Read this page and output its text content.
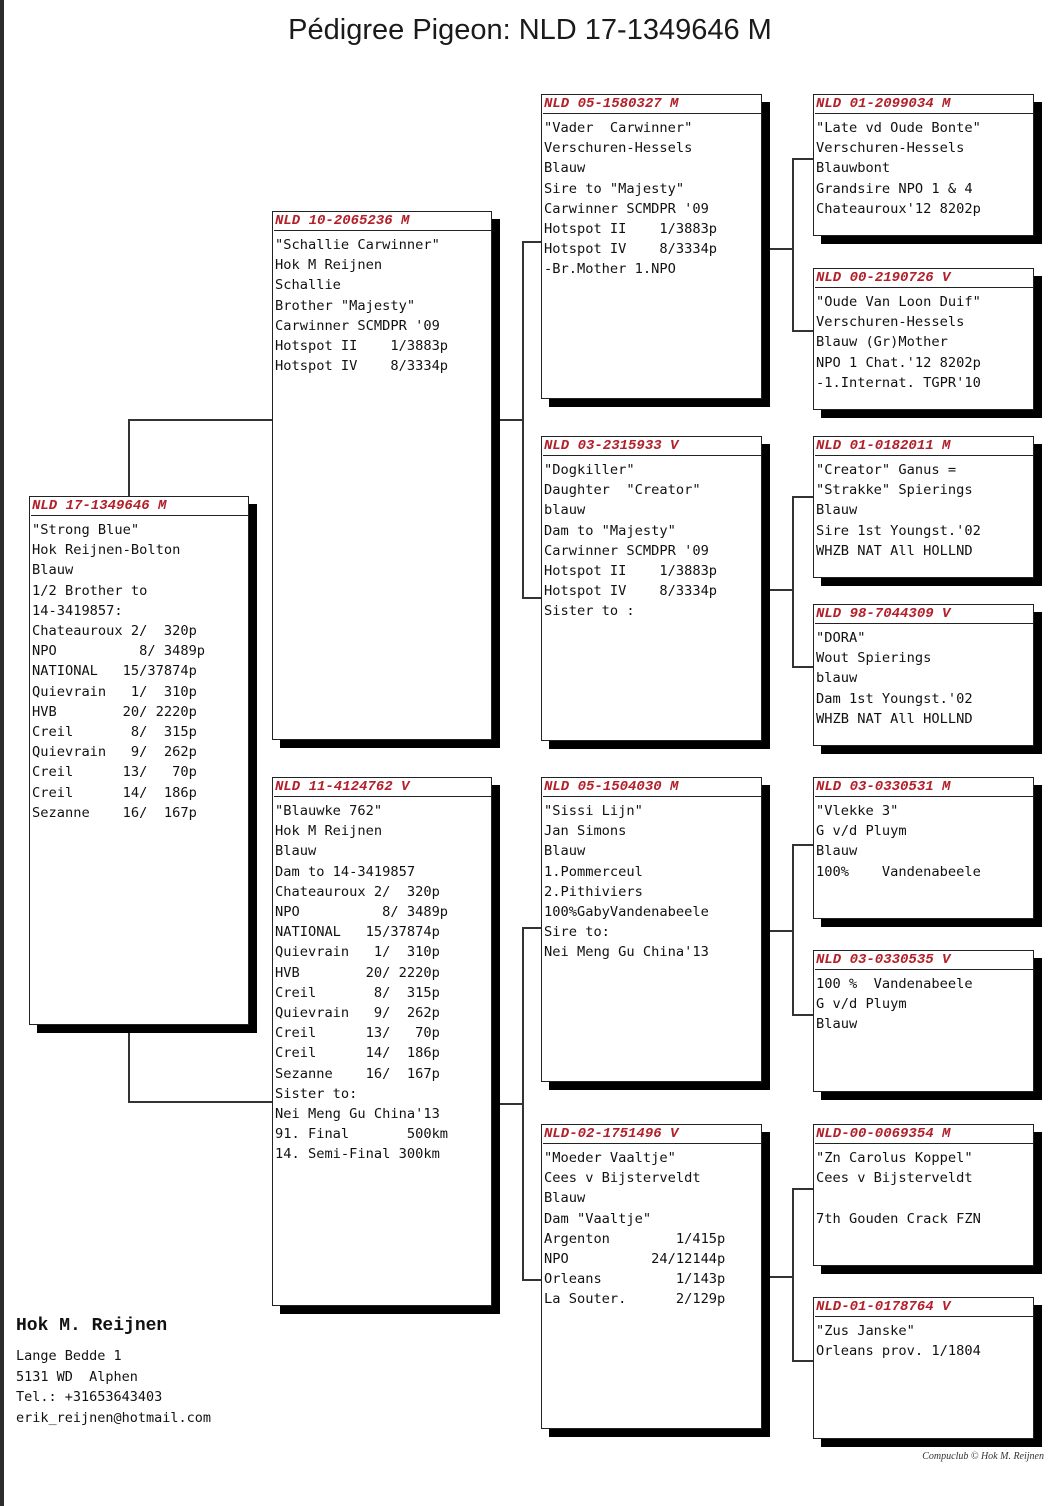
Pédigree Pigeon: NLD 17-1349646 M
NLD 17-1349646 M
"Strong Blue"
Hok Reijnen-Bolton
Blauw
1/2 Brother to
14-3419857:
Chateauroux 2/  320p
NPO          8/ 3489p
NATIONAL   15/37874p
Quievrain   1/  310p
HVB        20/ 2220p
Creil       8/  315p
Quievrain   9/  262p
Creil      13/   70p
Creil      14/  186p
Sezanne    16/  167p
NLD 10-2065236 M
"Schallie Carwinner"
Hok M Reijnen
Schallie
Brother "Majesty"
Carwinner SCMDPR '09
Hotspot II    1/3883p
Hotspot IV    8/3334p
NLD 11-4124762 V
"Blauwke 762"
Hok M Reijnen
Blauw
Dam to 14-3419857
Chateauroux 2/  320p
NPO          8/ 3489p
NATIONAL   15/37874p
Quievrain   1/  310p
HVB        20/ 2220p
Creil       8/  315p
Quievrain   9/  262p
Creil      13/   70p
Creil      14/  186p
Sezanne    16/  167p
Sister to:
Nei Meng Gu China'13
91. Final       500km
14. Semi-Final 300km
NLD 05-1580327 M
"Vader  Carwinner"
Verschuren-Hessels
Blauw
Sire to "Majesty"
Carwinner SCMDPR '09
Hotspot II    1/3883p
Hotspot IV    8/3334p
-Br.Mother 1.NPO
NLD 03-2315933 V
"Dogkiller"
Daughter  "Creator"
blauw
Dam to "Majesty"
Carwinner SCMDPR '09
Hotspot II    1/3883p
Hotspot IV    8/3334p
Sister to :
NLD 05-1504030 M
"Sissi Lijn"
Jan Simons
Blauw
1.Pommerceul
2.Pithiviers
100%GabyVandenabeele
Sire to:
Nei Meng Gu China'13
NLD-02-1751496 V
"Moeder Vaaltje"
Cees v Bijsterveldt
Blauw
Dam "Vaaltje"
Argenton        1/415p
NPO          24/12144p
Orleans         1/143p
La Souter.      2/129p
NLD 01-2099034 M
"Late vd Oude Bonte"
Verschuren-Hessels
Blauwbont
Grandsire NPO 1 & 4
Chateauroux'12 8202p
NLD 00-2190726 V
"Oude Van Loon Duif"
Verschuren-Hessels
Blauw (Gr)Mother
NPO 1 Chat.'12 8202p
-1.Internat. TGPR'10
NLD 01-0182011 M
"Creator" Ganus =
"Strakke" Spierings
Blauw
Sire 1st Youngst.'02
WHZB NAT All HOLLND
NLD 98-7044309 V
"DORA"
Wout Spierings
blauw
Dam 1st Youngst.'02
WHZB NAT All HOLLND
NLD 03-0330531 M
"Vlekke 3"
G v/d Pluym
Blauw
100%    Vandenabeele
NLD 03-0330535 V
100 %  Vandenabeele
G v/d Pluym
Blauw
NLD-00-0069354 M
"Zn Carolus Koppel"
Cees v Bijsterveldt
7th Gouden Crack FZN
NLD-01-0178764 V
"Zus Janske"
Orleans prov. 1/1804
Hok M. Reijnen
Lange Bedde 1
5131 WD  Alphen
Tel.: +31653643403
erik_reijnen@hotmail.com
Compuclub © Hok M. Reijnen
